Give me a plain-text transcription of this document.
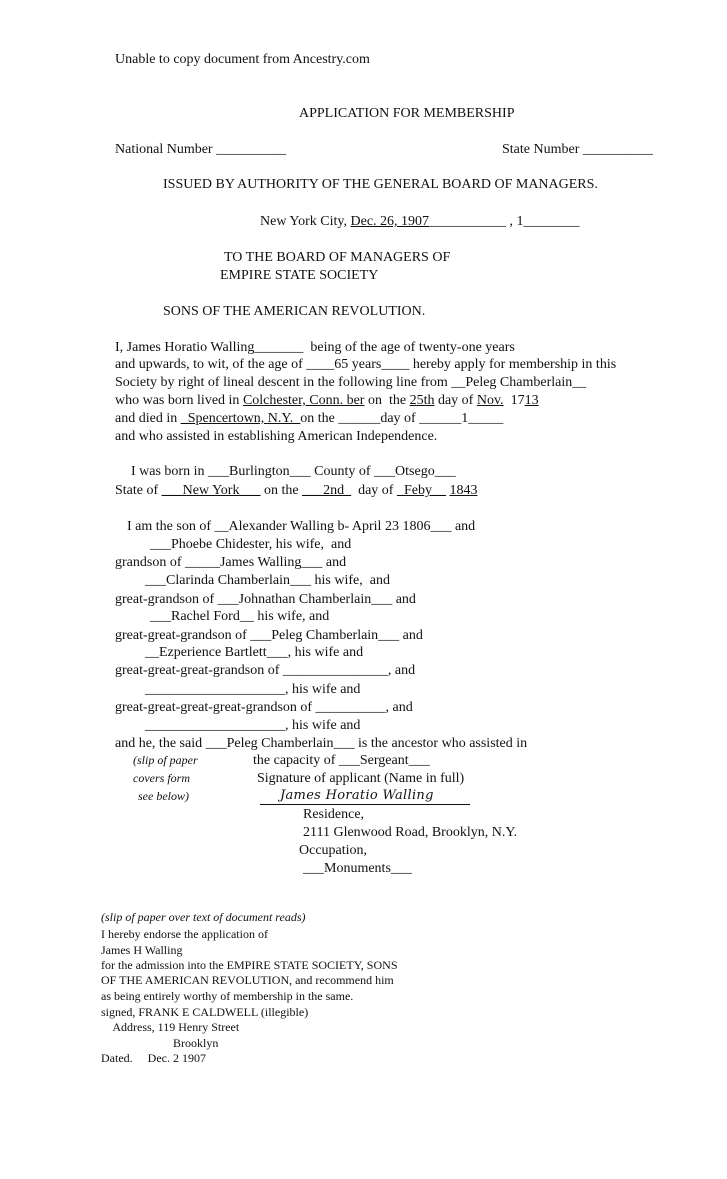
Unable to copy document from Ancestry.com
APPLICATION FOR MEMBERSHIP
National Number __________	State Number __________
ISSUED BY AUTHORITY OF THE GENERAL BOARD OF MANAGERS.
New York City, Dec. 26, 1907___________ , 1________
TO THE BOARD OF MANAGERS OF
EMPIRE STATE SOCIETY
SONS OF THE AMERICAN REVOLUTION.
I, James Horatio Walling_______  being of the age of twenty-one years
and upwards, to wit, of the age of ____65 years____ hereby apply for membership in this
Society by right of lineal descent in the following line from __Peleg Chamberlain__
who was born lived in Colchester, Conn. ber on  the 25th day of Nov.  1713
and died in _Spencertown, N.Y._on the ______day of ______1_____
and who assisted in establishing American Independence.
I was born in ___Burlington___ County of ___Otsego___
State of ___New York___ on the ___2nd_  day of _Feby__ 1843
I am the son of __Alexander Walling b- April 23 1806___ and
___Phoebe Chidester, his wife,  and
grandson of _____James Walling___ and
___Clarinda Chamberlain___ his wife,  and
great-grandson of ___Johnathan Chamberlain___ and
___Rachel Ford__ his wife, and
great-great-grandson of ___Peleg Chamberlain___ and
__Ezperience Bartlett___, his wife and
great-great-great-grandson of _______________, and
____________________, his wife and
great-great-great-great-grandson of __________, and
____________________, his wife and
and he, the said ___Peleg Chamberlain___ is the ancestor who assisted in
(slip of paper
covers form
see below)
the capacity of ___Sergeant___
Signature of applicant (Name in full)
James Horatio Walling
Residence,
2111 Glenwood Road, Brooklyn, N.Y.
Occupation,
___Monuments___
(slip of paper over text of document reads)
I hereby endorse the application of
James H Walling
for the admission into the EMPIRE STATE SOCIETY, SONS
OF THE AMERICAN REVOLUTION, and recommend him
as being entirely worthy of membership in the same.
signed, FRANK E CALDWELL (illegible)
Address, 119 Henry Street
Brooklyn
Dated.     Dec. 2 1907
